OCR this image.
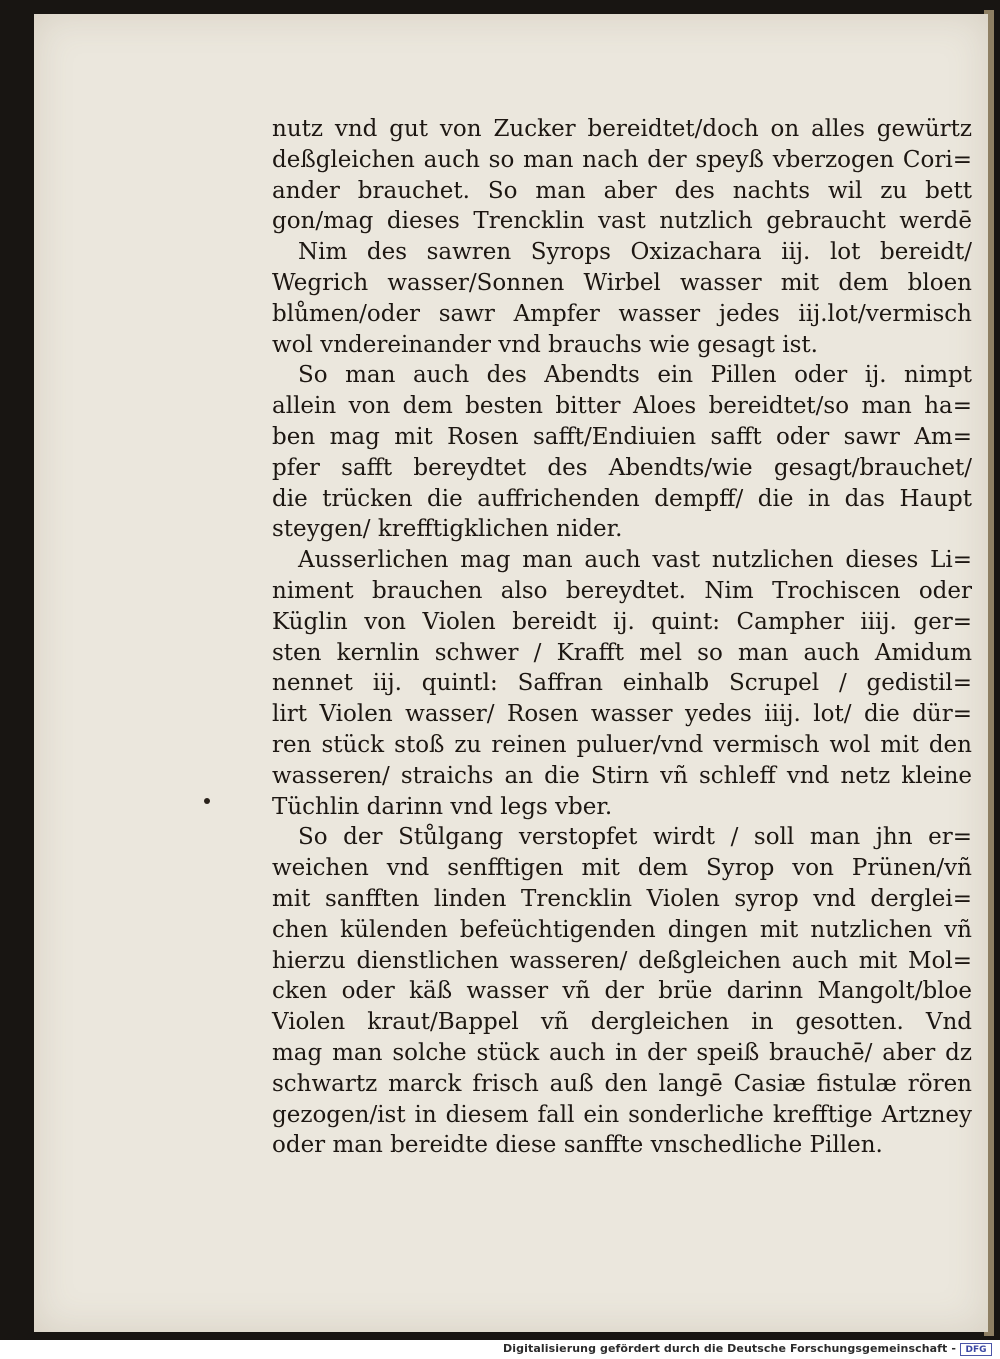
nutz vnd gut von Zucker bereidtet/doch on alles gewürtz
deßgleichen auch so man nach der speyß vberzogen Cori=
ander brauchet. So man aber des nachts wil zu bett
gon/mag dieses Trencklin vast nutzlich gebraucht werdē
Nim des sawren Syrops Oxizachara iij. lot bereidt/
Wegrich wasser/Sonnen Wirbel wasser mit dem bloen
blůmen/oder sawr Ampfer wasser jedes iij.lot/vermisch
wol vndereinander vnd brauchs wie gesagt ist.
So man auch des Abendts ein Pillen oder ij. nimpt
allein von dem besten bitter Aloes bereidtet/so man ha=
ben mag mit Rosen safft/Endiuien safft oder sawr Am=
pfer safft bereydtet des Abendts/wie gesagt/brauchet/
die trücken die auffrichenden dempff/ die in das Haupt
steygen/ krefftigklichen nider.
Ausserlichen mag man auch vast nutzlichen dieses Li=
niment brauchen also bereydtet. Nim Trochiscen oder
Küglin von Violen bereidt ij. quint: Campher iiij. ger=
sten kernlin schwer / Krafft mel so man auch Amidum
nennet iij. quintl: Saffran einhalb Scrupel / gedistil=
lirt Violen wasser/ Rosen wasser yedes iiij. lot/ die dür=
ren stück stoß zu reinen puluer/vnd vermisch wol mit den
wasseren/ straichs an die Stirn vñ schleff vnd netz kleine
Tüchlin darinn vnd legs vber.
So der Stůlgang verstopfet wirdt / soll man jhn er=
weichen vnd senfftigen mit dem Syrop von Prünen/vñ
mit sanfften linden Trencklin Violen syrop vnd derglei=
chen külenden befeüchtigenden dingen mit nutzlichen vñ
hierzu dienstlichen wasseren/ deßgleichen auch mit Mol=
cken oder käß wasser vñ der brüe darinn Mangolt/bloe
Violen kraut/Bappel vñ dergleichen in gesotten. Vnd
mag man solche stück auch in der speiß brauchē/ aber dz
schwartz marck frisch auß den langē Casiæ fistulæ rören
gezogen/ist in diesem fall ein sonderliche krefftige Artzney
oder man bereidte diese sanffte vnschedliche Pillen.
Digitalisierung gefördert durch die Deutsche Forschungsgemeinschaft -	DFG
